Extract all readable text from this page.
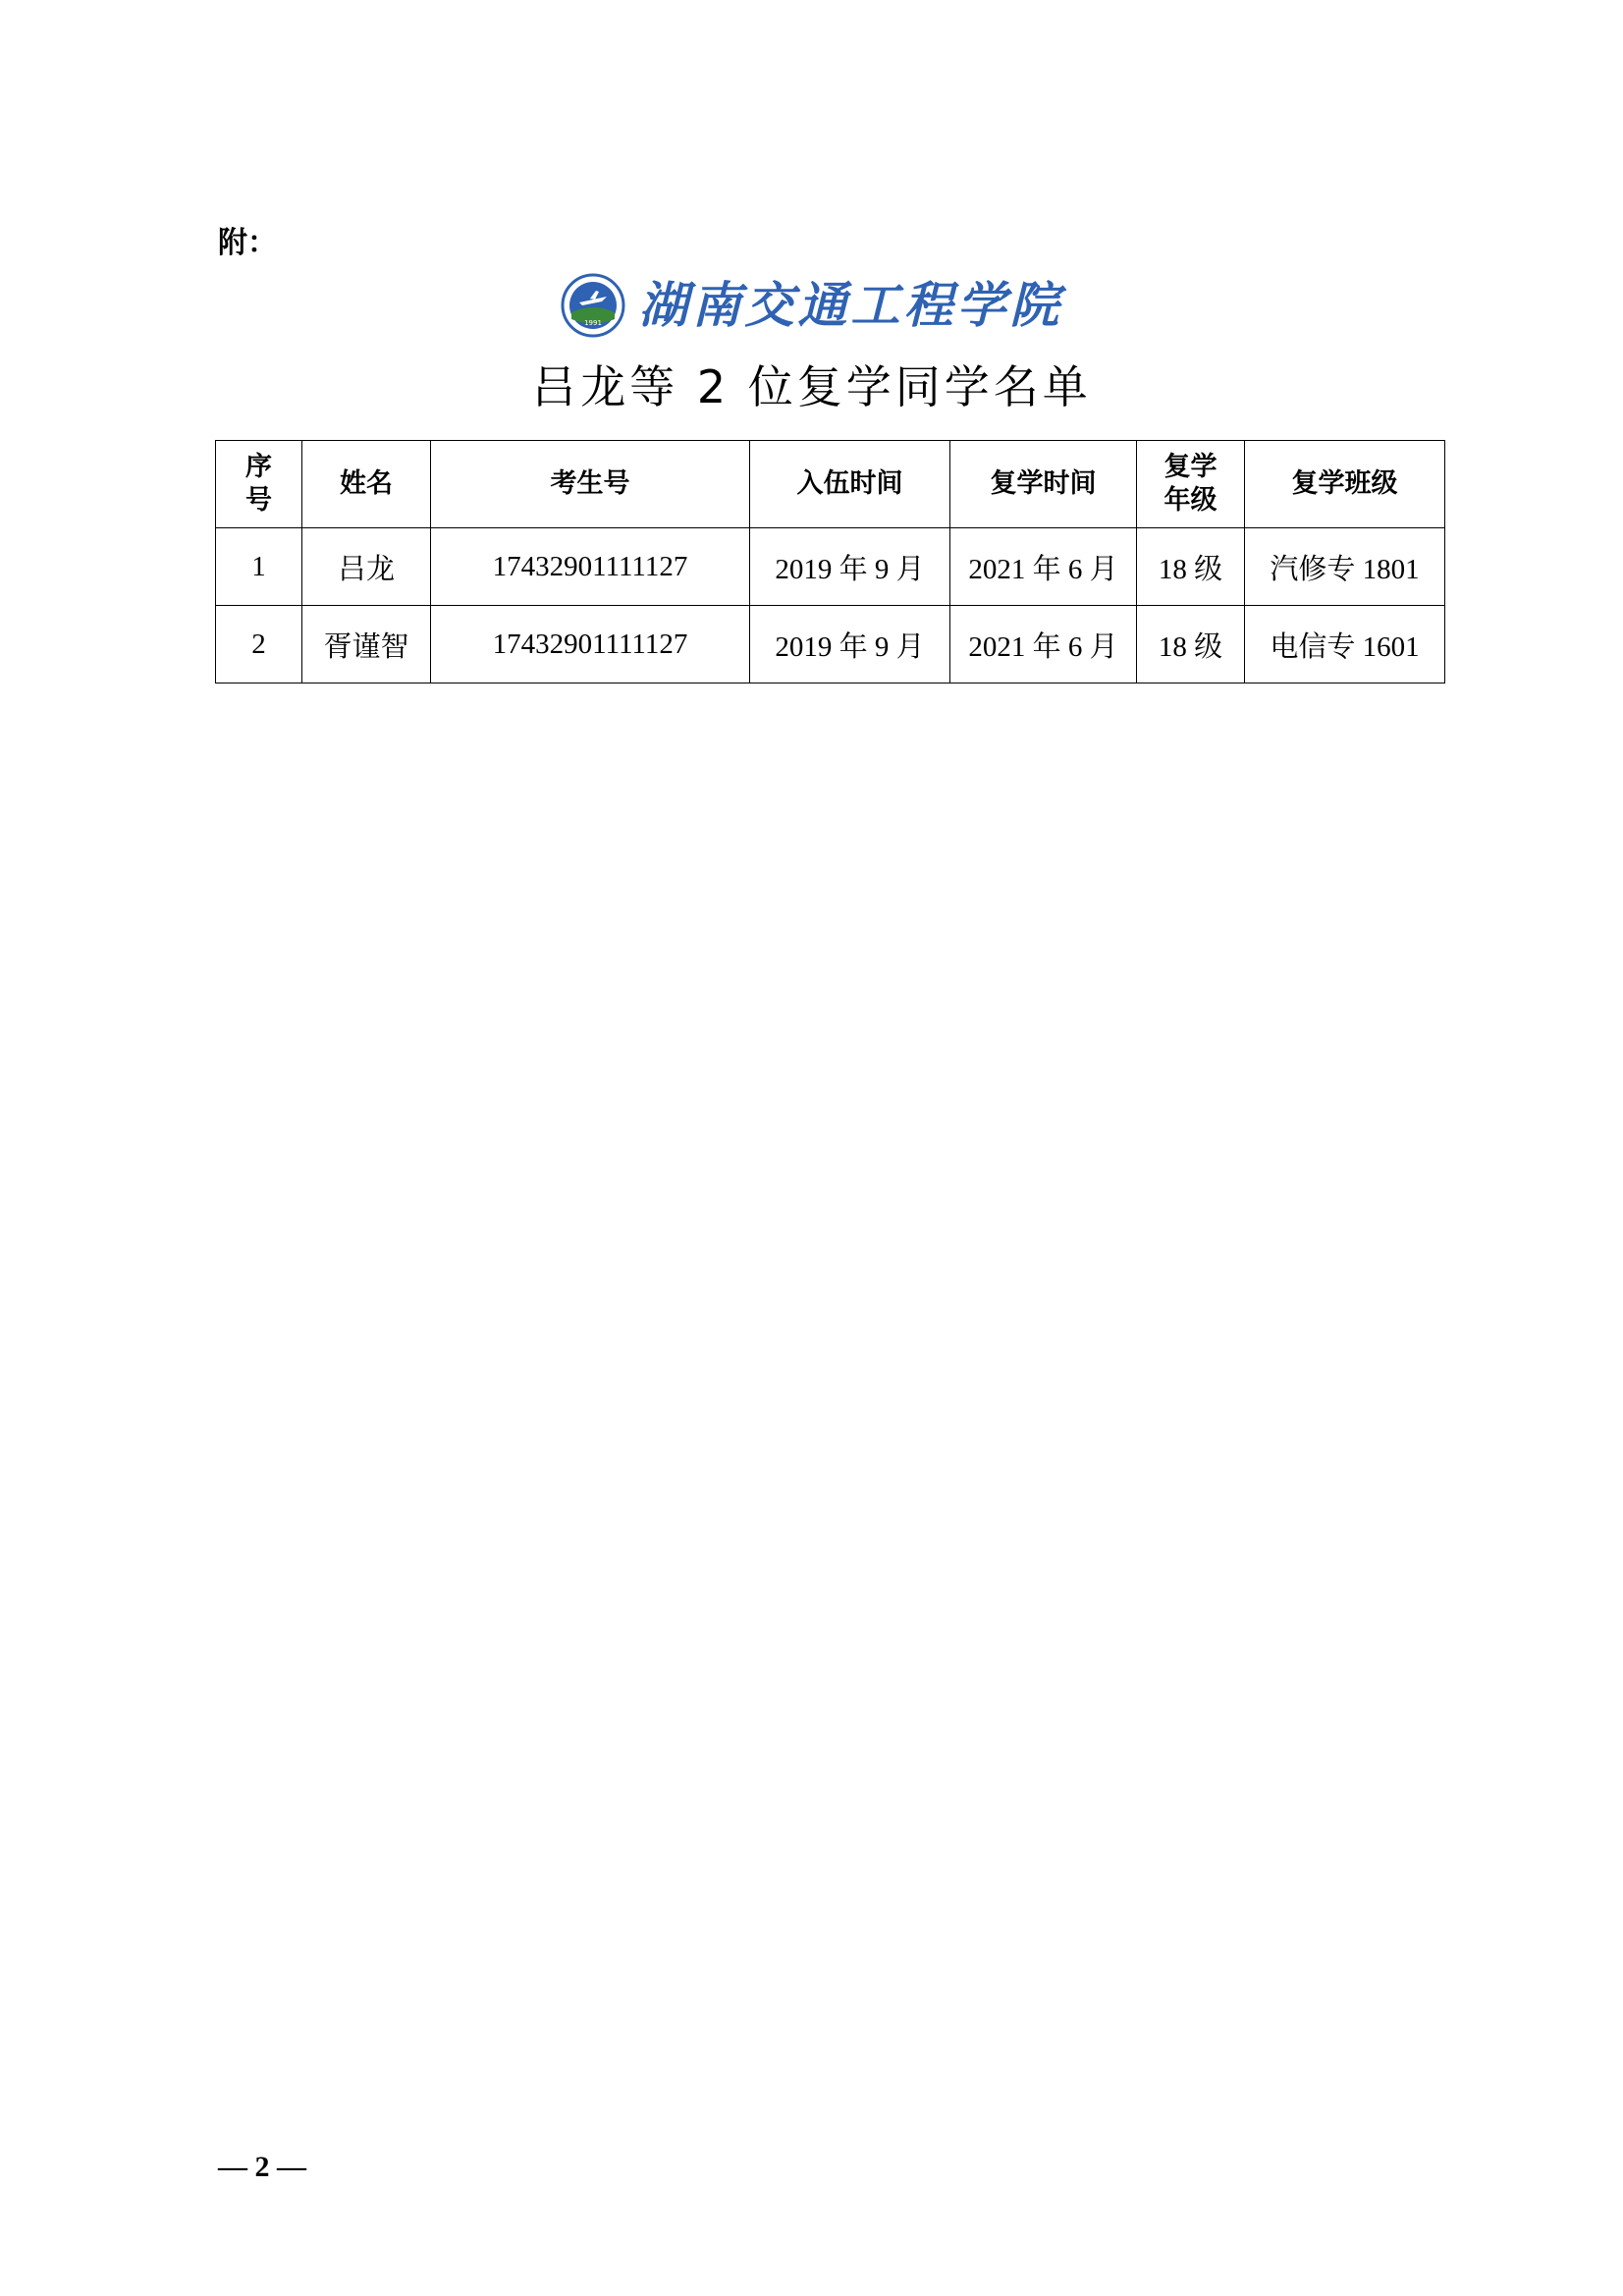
附：
1991 湖南交通工程学院
吕龙等 2 位复学同学名单
序号	姓名	考生号	入伍时间	复学时间	复学年级	复学班级
1	吕龙	17432901111127	2019 年 9 月	2021 年 6 月	18 级	汽修专 1801
2	胥谨智	17432901111127	2019 年 9 月	2021 年 6 月	18 级	电信专 1601
— 2 —
